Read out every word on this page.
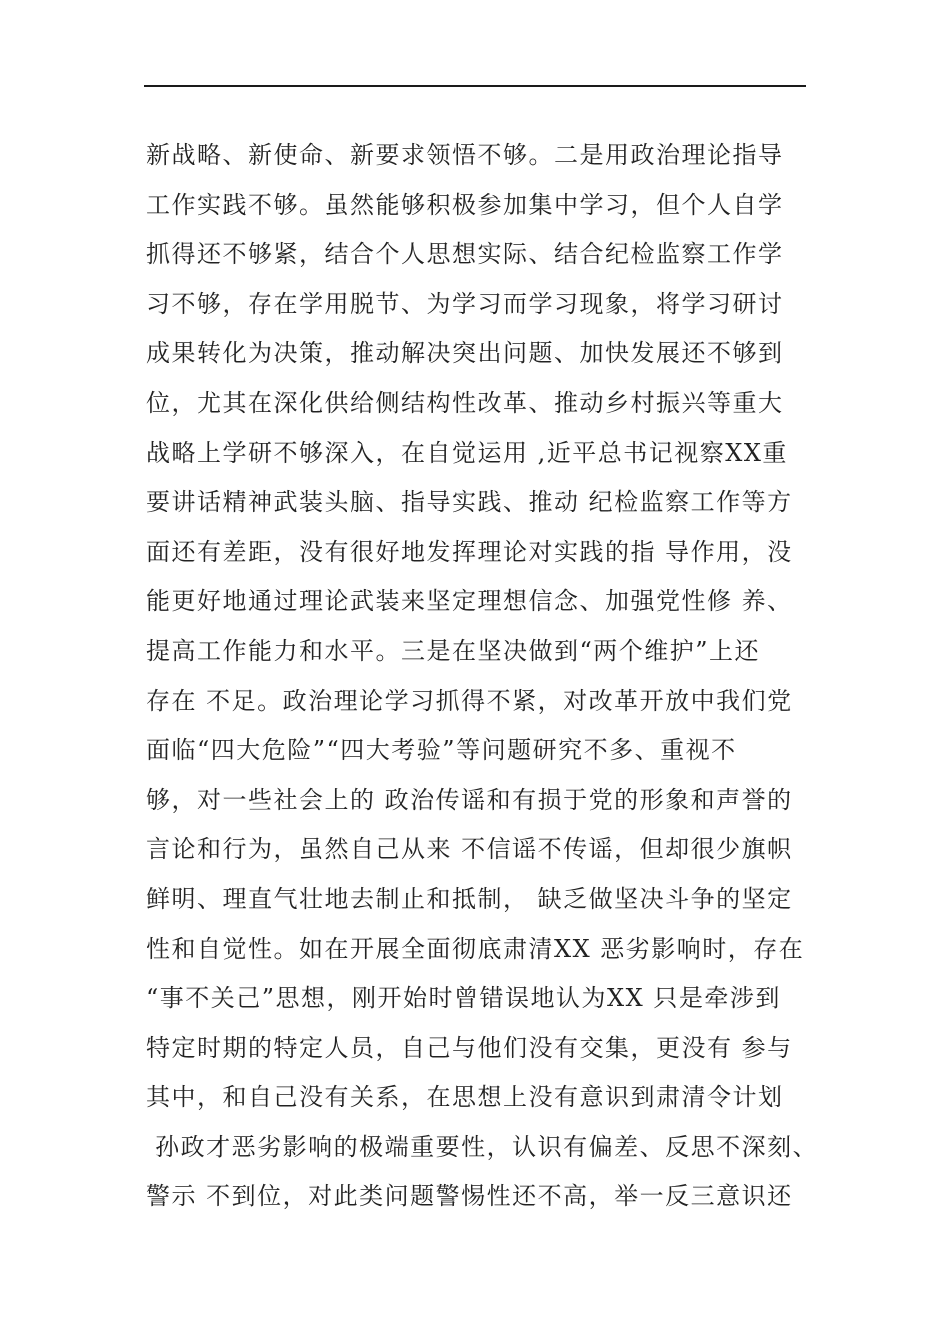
新战略、新使命、新要求领悟不够。二是用政治理论指导
工作实践不够。虽然能够积极参加集中学习，但个人自学
抓得还不够紧，结合个人思想实际、结合纪检监察工作学
习不够，存在学用脱节、为学习而学习现象，将学习研讨
成果转化为决策，推动解决突出问题、加快发展还不够到
位，尤其在深化供给侧结构性改革、推动乡村振兴等重大
战略上学研不够深入，在自觉运用 ,近平总书记视察XX重
要讲话精神武装头脑、指导实践、推动 纪检监察工作等方
面还有差距，没有很好地发挥理论对实践的指 导作用，没
能更好地通过理论武装来坚定理想信念、加强党性修 养、
提高工作能力和水平。三是在坚决做到“两个维护”上还
存在 不足。政治理论学习抓得不紧，对改革开放中我们党
面临“四大危险”“四大考验”等问题研究不多、重视不
够，对一些社会上的 政治传谣和有损于党的形象和声誉的
言论和行为，虽然自己从来 不信谣不传谣，但却很少旗帜
鲜明、理直气壮地去制止和抵制， 缺乏做坚决斗争的坚定
性和自觉性。如在开展全面彻底肃清XX 恶劣影响时，存在
“事不关己”思想，刚开始时曾错误地认为XX 只是牵涉到
特定时期的特定人员，自己与他们没有交集，更没有 参与
其中，和自己没有关系，在思想上没有意识到肃清令计划
孙政才恶劣影响的极端重要性，认识有偏差、反思不深刻、
警示 不到位，对此类问题警惕性还不高，举一反三意识还
